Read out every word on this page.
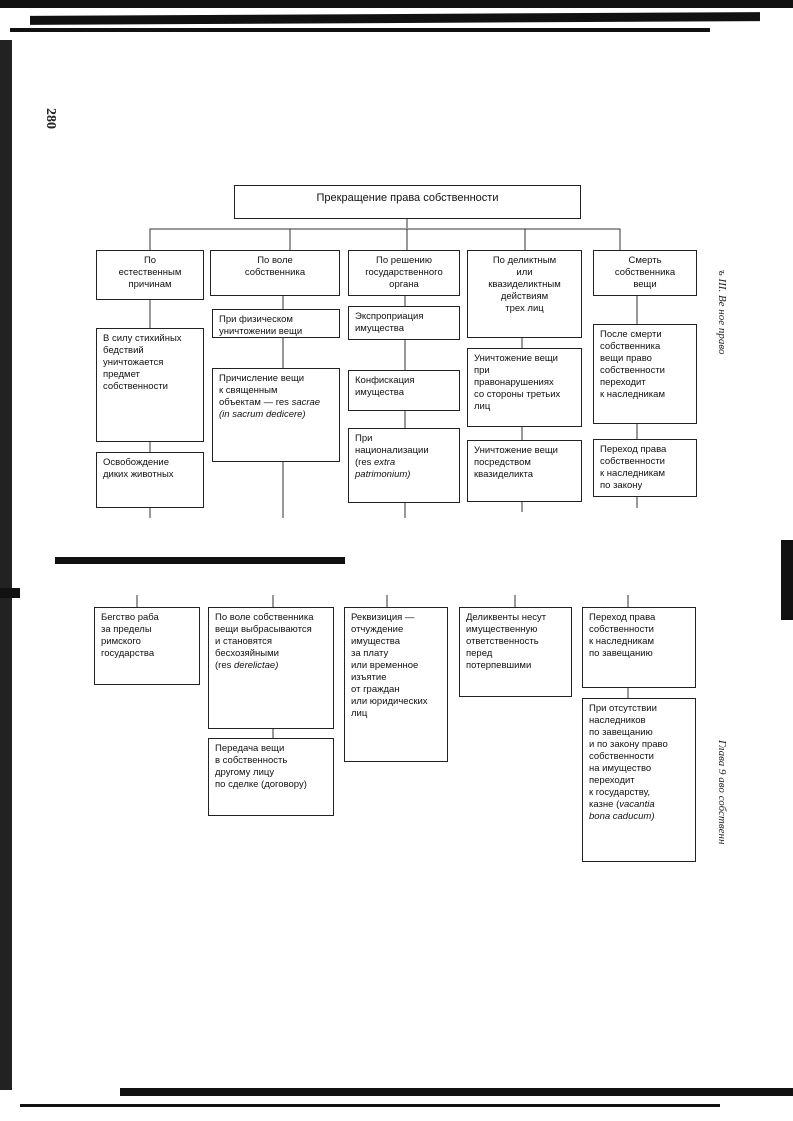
280
ъ III. Ве ное право
Глава 9 аво собственн
Прекращение права собственности
По
естественным
причинам
По воле
собственника
По решению
государственного
органа
По деликтным
или
квазиделиктным
действиям
трех лиц
Смерть
собственника
вещи
В силу стихийных
бедствий
уничтожается
предмет
собственности
Освобождение
диких животных
При физическом
уничтожении вещи
Причисление вещи
к священным
объектам — res sacrae
(in sacrum dedicere)
Экспроприация
имущества
Конфискация
имущества
При
национализации
(res extra
patrimonium)
Уничтожение вещи
при
правонарушениях
со стороны третьих
лиц
Уничтожение вещи
посредством
квазиделикта
После смерти
собственника
вещи право
собственности
переходит
к наследникам
Переход права
собственности
к наследникам
по закону
Бегство раба
за пределы
римского
государства
По воле собственника
вещи выбрасываются
и становятся
бесхозяйными
(res derelictae)
Передача вещи
в собственность
другому лицу
по сделке (договору)
Реквизиция —
отчуждение
имущества
за плату
или временное
изъятие
от граждан
или юридических
лиц
Деликвенты несут
имущественную
ответственность
перед
потерпевшими
Переход права
собственности
к наследникам
по завещанию
При отсутствии
наследников
по завещанию
и по закону право
собственности
на имущество
переходит
к государству,
казне (vacantia
bona caducum)
